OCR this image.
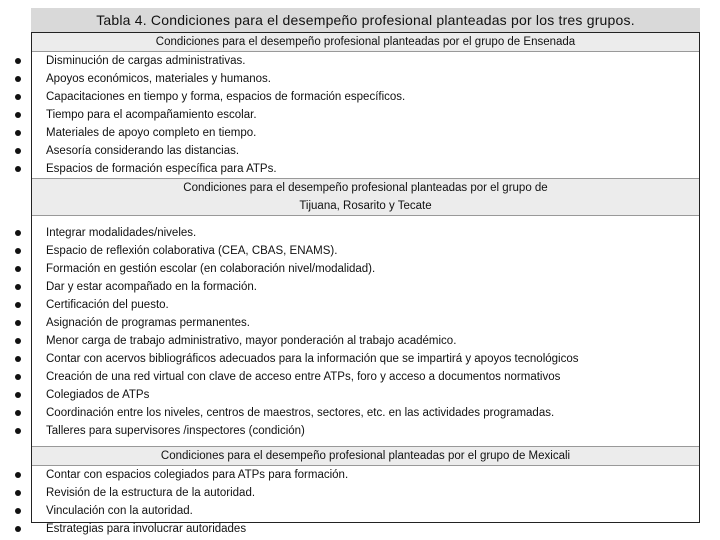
Tabla 4. Condiciones para el desempeño profesional planteadas por los tres grupos.
Condiciones para el desempeño profesional planteadas por el grupo de Ensenada
Disminución de cargas administrativas.
Apoyos económicos, materiales y humanos.
Capacitaciones en tiempo y forma, espacios de formación específicos.
Tiempo para el acompañamiento escolar.
Materiales de apoyo completo en tiempo.
Asesoría considerando las distancias.
Espacios de formación específica para ATPs.
Condiciones para el desempeño profesional planteadas por el grupo de
Tijuana, Rosarito y Tecate
Integrar modalidades/niveles.
Espacio de reflexión colaborativa (CEA, CBAS, ENAMS).
Formación en gestión escolar (en colaboración nivel/modalidad).
Dar y estar acompañado en la formación.
Certificación del puesto.
Asignación de programas permanentes.
Menor carga de trabajo administrativo, mayor ponderación al trabajo académico.
Contar con acervos bibliográficos adecuados para la información que se impartirá y apoyos tecnológicos
Creación de una red virtual con clave de acceso entre ATPs, foro y acceso a documentos normativos
Colegiados de ATPs
Coordinación entre los niveles, centros de maestros, sectores, etc. en las actividades programadas.
Talleres para supervisores /inspectores (condición)
Condiciones para el desempeño profesional planteadas por el grupo de Mexicali
Contar con espacios colegiados para ATPs para formación.
Revisión de la estructura de la autoridad.
Vinculación con la autoridad.
Estrategias para involucrar autoridades
